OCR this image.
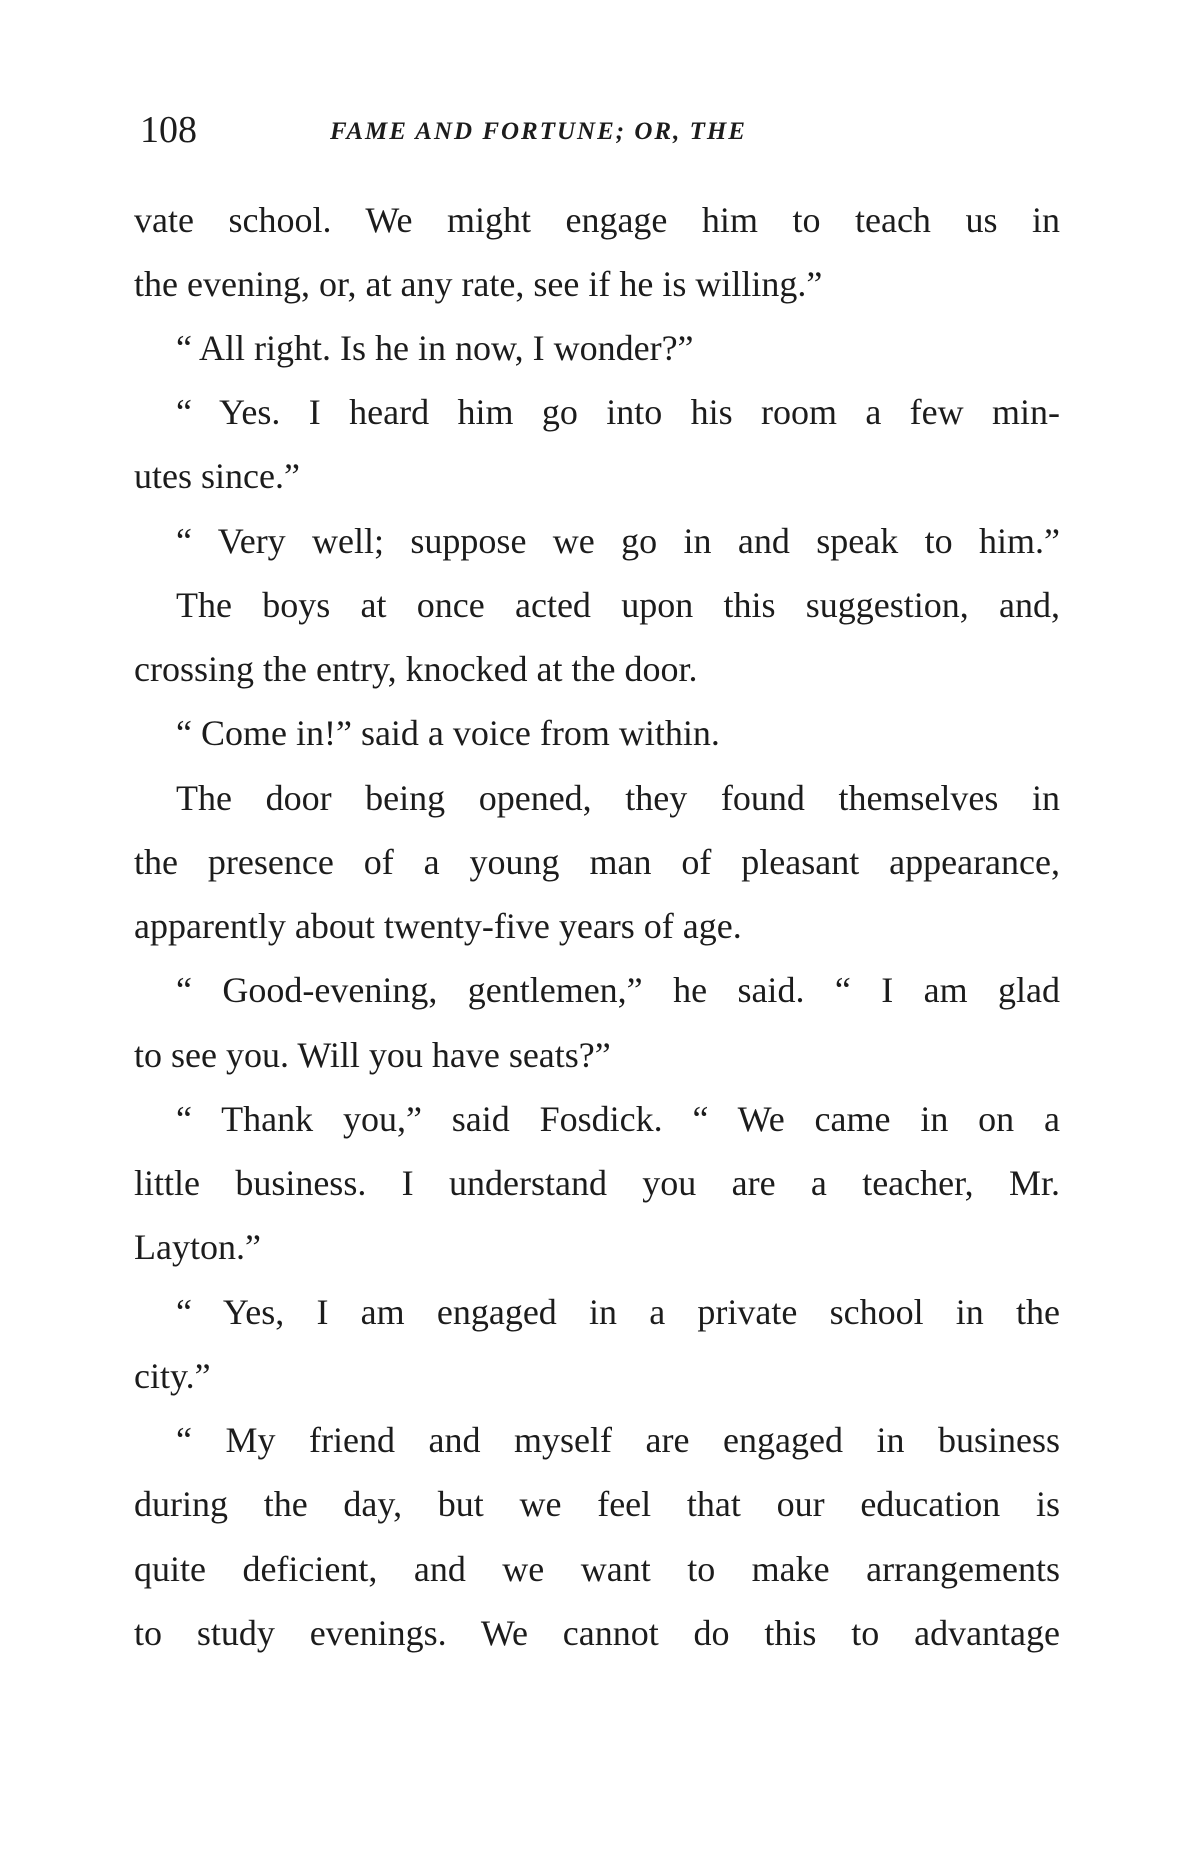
108	FAME AND FORTUNE; OR, THE
vate school. We might engage him to teach us in
the evening, or, at any rate, see if he is willing.”
“ All right. Is he in now, I wonder?”
“ Yes. I heard him go into his room a few min-
utes since.”
“ Very well; suppose we go in and speak to him.”
The boys at once acted upon this suggestion, and,
crossing the entry, knocked at the door.
“ Come in!” said a voice from within.
The door being opened, they found themselves in
the presence of a young man of pleasant appearance,
apparently about twenty-five years of age.
“ Good-evening, gentlemen,” he said. “ I am glad
to see you. Will you have seats?”
“ Thank you,” said Fosdick. “ We came in on a
little business. I understand you are a teacher, Mr.
Layton.”
“ Yes, I am engaged in a private school in the
city.”
“ My friend and myself are engaged in business
during the day, but we feel that our education is
quite deficient, and we want to make arrangements
to study evenings. We cannot do this to advantage
